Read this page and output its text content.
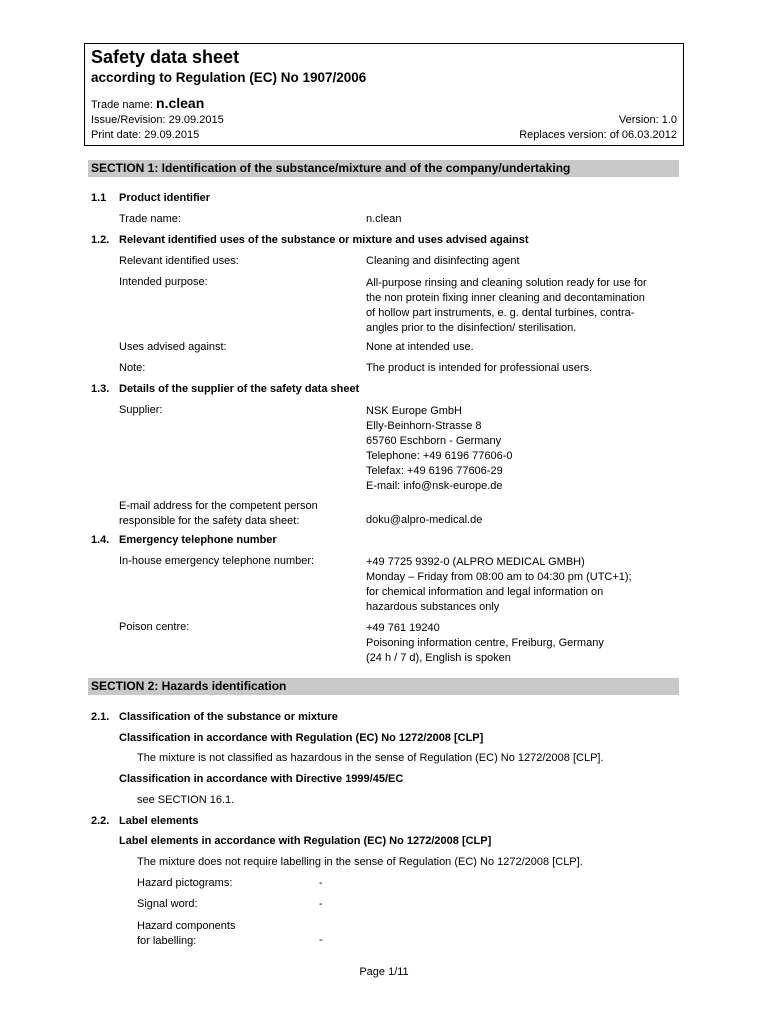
Safety data sheet
according to Regulation (EC) No 1907/2006
Trade name: n.clean
Issue/Revision: 29.09.2015	Version: 1.0
Print date: 29.09.2015	Replaces version: of 06.03.2012
SECTION 1: Identification of the substance/mixture and of the company/undertaking
1.1 Product identifier
Trade name:	n.clean
1.2. Relevant identified uses of the substance or mixture and uses advised against
Relevant identified uses:	Cleaning and disinfecting agent
Intended purpose:	All-purpose rinsing and cleaning solution ready for use for
the non protein fixing inner cleaning and decontamination
of hollow part instruments, e. g. dental turbines, contra-
angles prior to the disinfection/ sterilisation.
Uses advised against:	None at intended use.
Note:	The product is intended for professional users.
1.3. Details of the supplier of the safety data sheet
Supplier:	NSK Europe GmbH
Elly-Beinhorn-Strasse 8
65760 Eschborn - Germany
Telephone: +49 6196 77606-0
Telefax: +49 6196 77606-29
E-mail: info@nsk-europe.de
E-mail address for the competent person
responsible for the safety data sheet:	doku@alpro-medical.de
1.4. Emergency telephone number
In-house emergency telephone number:	+49 7725 9392-0 (ALPRO MEDICAL GMBH)
Monday – Friday from 08:00 am to 04:30 pm (UTC+1);
for chemical information and legal information on
hazardous substances only
Poison centre:	+49 761 19240
Poisoning information centre, Freiburg, Germany
(24 h / 7 d), English is spoken
SECTION 2: Hazards identification
2.1. Classification of the substance or mixture
Classification in accordance with Regulation (EC) No 1272/2008 [CLP]
The mixture is not classified as hazardous in the sense of Regulation (EC) No 1272/2008 [CLP].
Classification in accordance with Directive 1999/45/EC
see SECTION 16.1.
2.2. Label elements
Label elements in accordance with Regulation (EC) No 1272/2008 [CLP]
The mixture does not require labelling in the sense of Regulation (EC) No 1272/2008 [CLP].
Hazard pictograms:	-
Signal word:	-
Hazard components
for labelling:	-
Page 1/11
